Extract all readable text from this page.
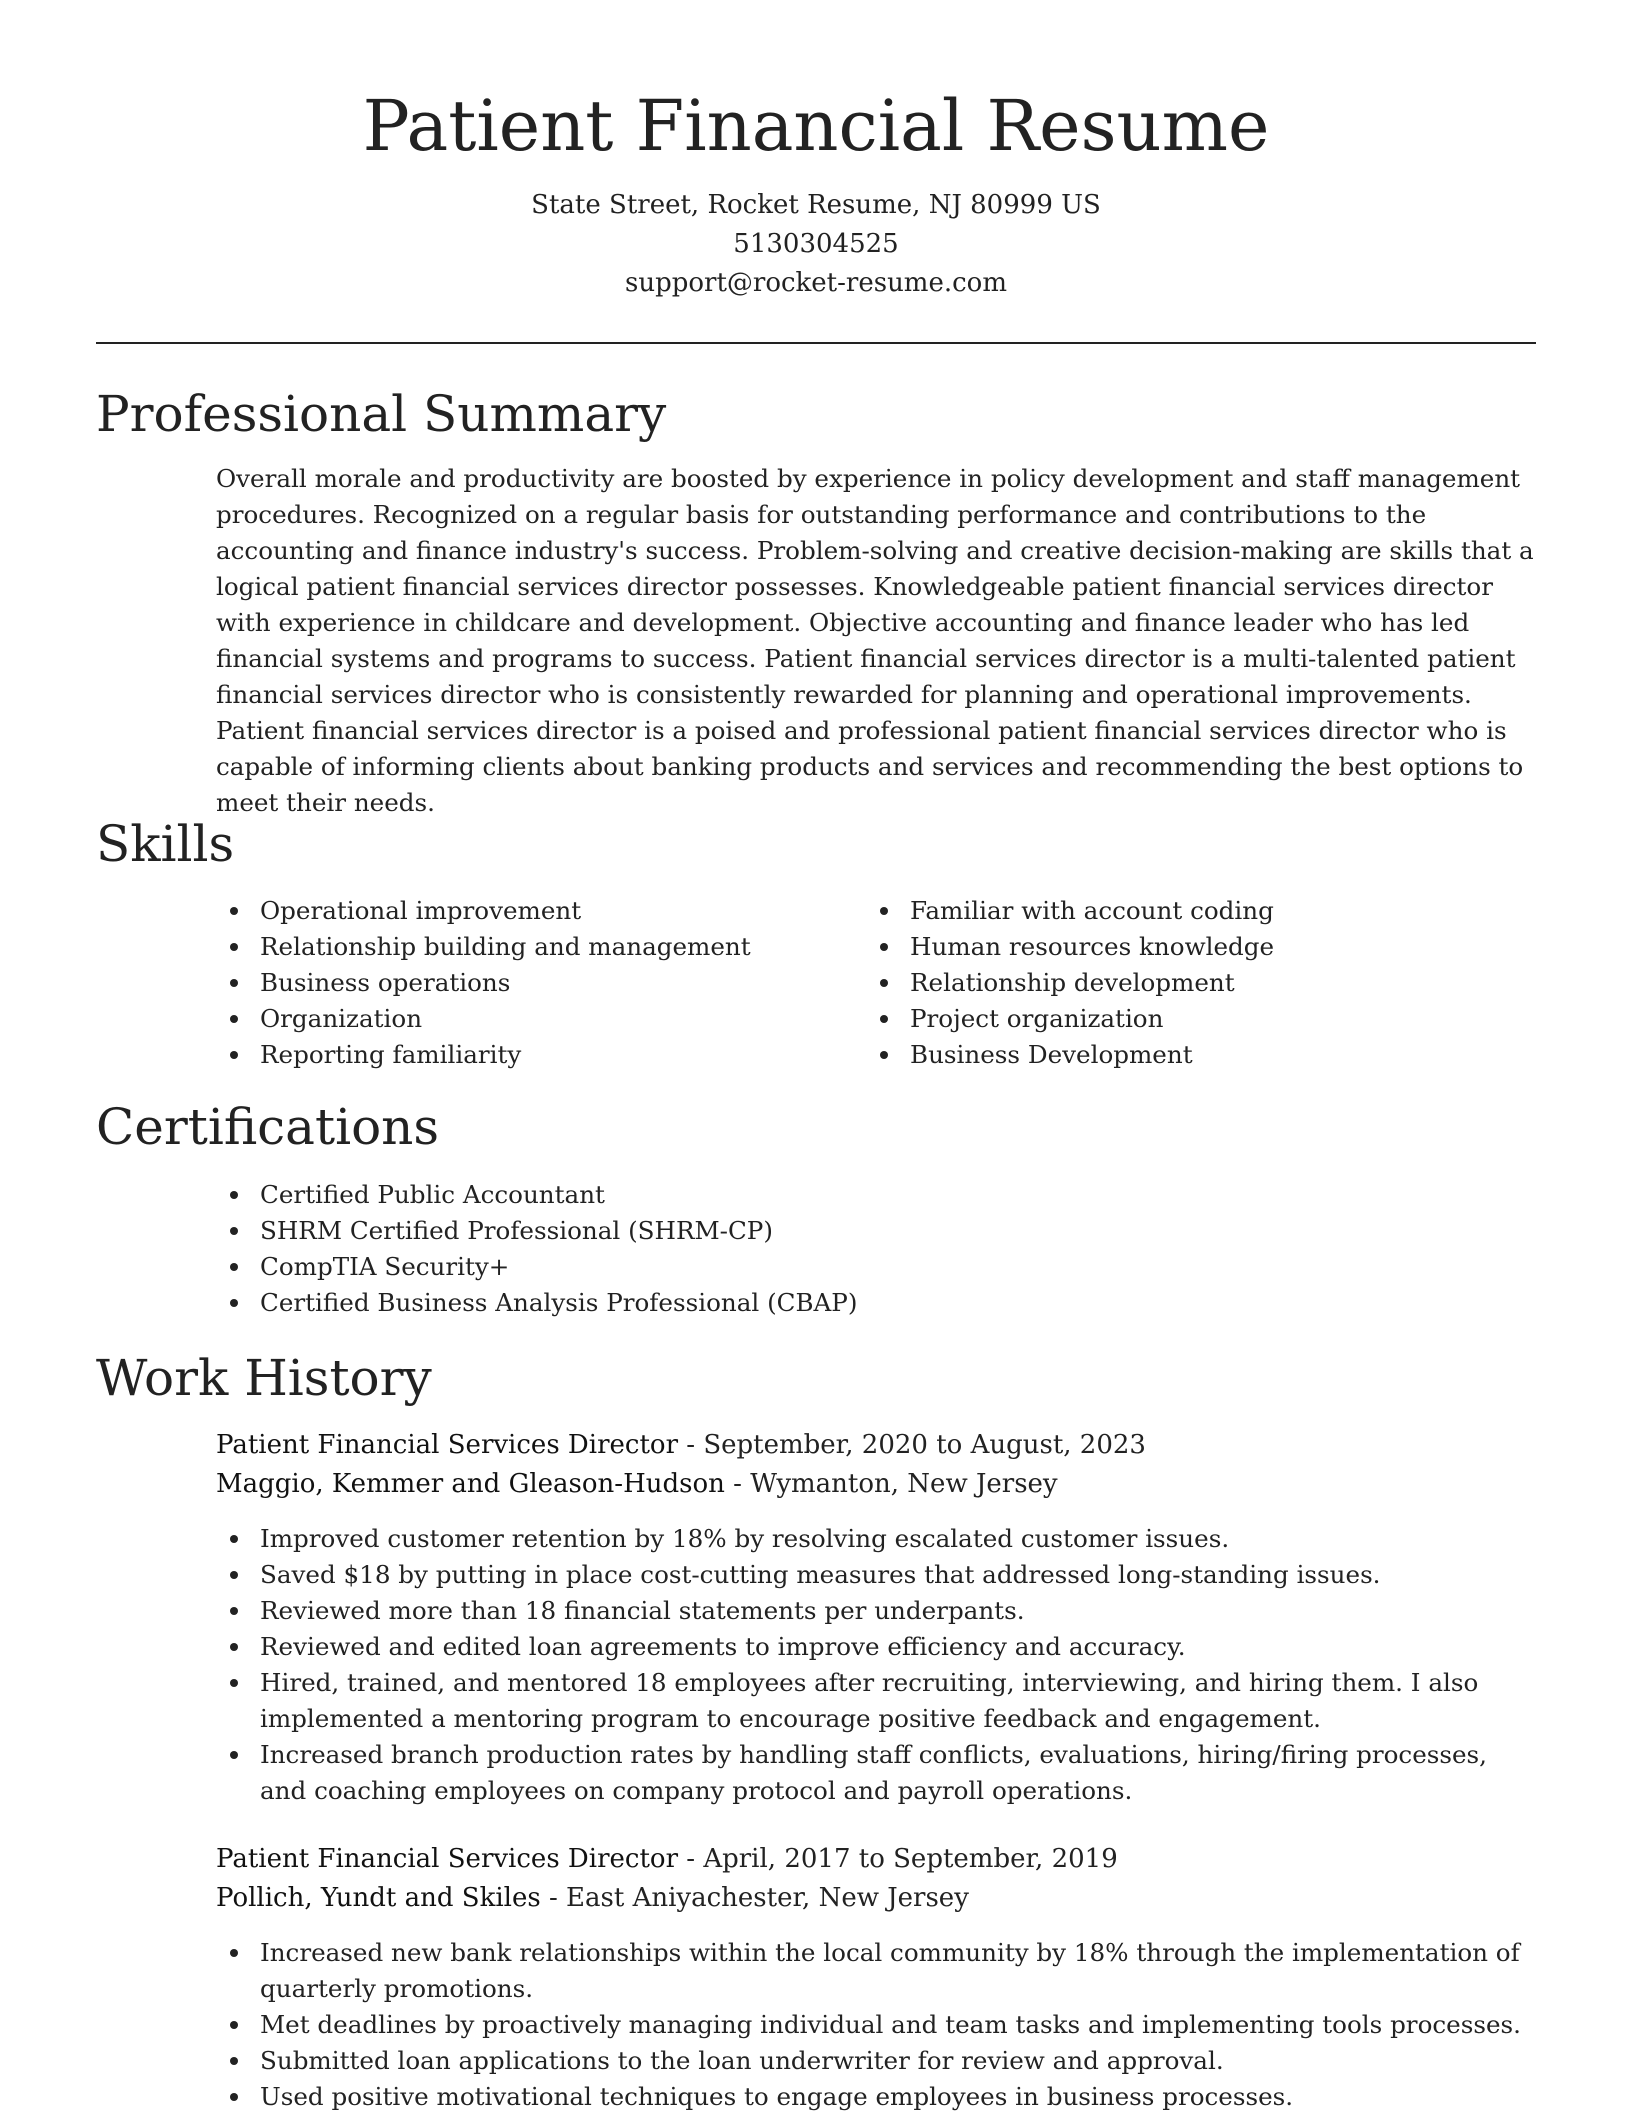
Patient Financial Resume
State Street, Rocket Resume, NJ 80999 US
5130304525
support@rocket-resume.com
Professional Summary

Overall morale and productivity are boosted by experience in policy development and staff management procedures. Recognized on a regular basis for outstanding performance and contributions to the accounting and finance industry's success. Problem-solving and creative decision-making are skills that a logical patient financial services director possesses. Knowledgeable patient financial services director with experience in childcare and development. Objective accounting and finance leader who has led financial systems and programs to success. Patient financial services director is a multi-talented patient financial services director who is consistently rewarded for planning and operational improvements. Patient financial services director is a poised and professional patient financial services director who is capable of informing clients about banking products and services and recommending the best options to meet their needs.

Skills
Operational improvement
Relationship building and management
Business operations
Organization
Reporting familiarity
Familiar with account coding
Human resources knowledge
Relationship development
Project organization
Business Development
Certifications
Certified Public Accountant
SHRM Certified Professional (SHRM-CP)
CompTIA Security+
Certified Business Analysis Professional (CBAP)
Work History
Patient Financial Services Director - September, 2020 to August, 2023
Maggio, Kemmer and Gleason-Hudson - Wymanton, New Jersey
Improved customer retention by 18% by resolving escalated customer issues.
Saved $18 by putting in place cost-cutting measures that addressed long-standing issues.
Reviewed more than 18 financial statements per underpants.
Reviewed and edited loan agreements to improve efficiency and accuracy.
Hired, trained, and mentored 18 employees after recruiting, interviewing, and hiring them. I also implemented a mentoring program to encourage positive feedback and engagement.
Increased branch production rates by handling staff conflicts, evaluations, hiring/firing processes, and coaching employees on company protocol and payroll operations.
Patient Financial Services Director - April, 2017 to September, 2019
Pollich, Yundt and Skiles - East Aniyachester, New Jersey
Increased new bank relationships within the local community by 18% through the implementation of quarterly promotions.
Met deadlines by proactively managing individual and team tasks and implementing tools processes.
Submitted loan applications to the loan underwriter for review and approval.
Used positive motivational techniques to engage employees in business processes.
